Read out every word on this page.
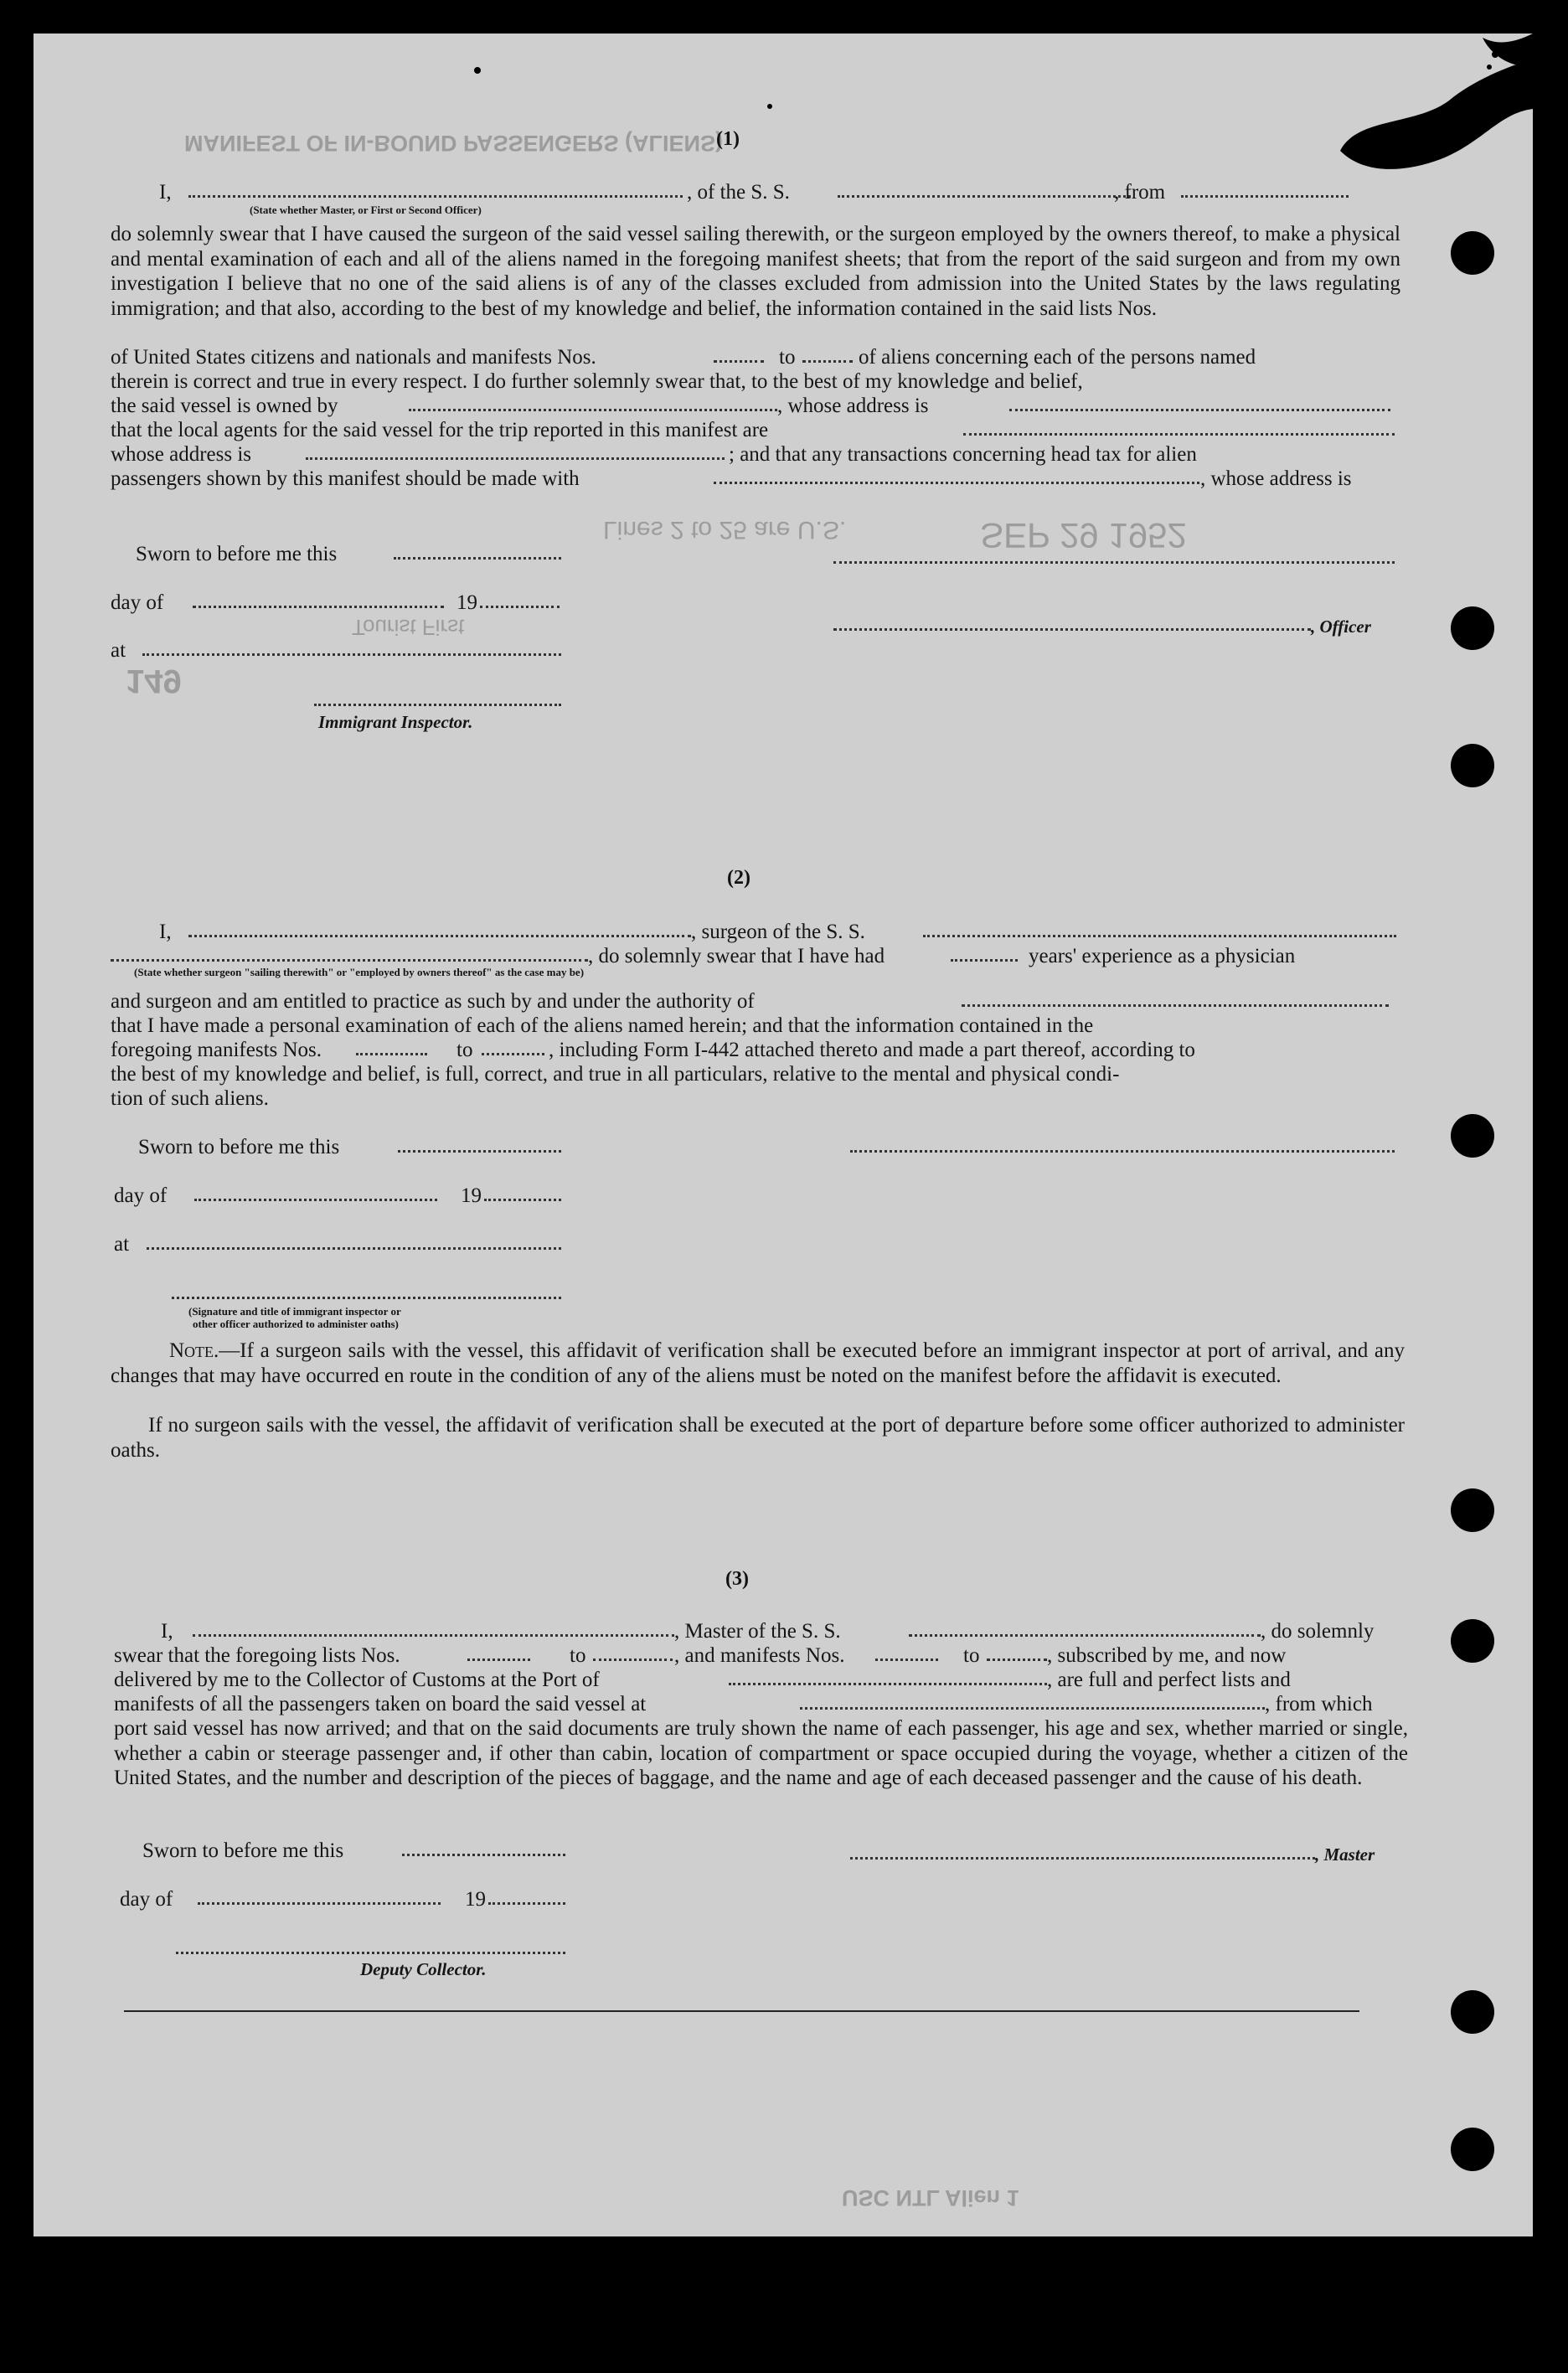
MANIFEST OF IN-BOUND PASSENGERS (ALIENS)
Lines 2 to 25 are U.S.	SEP 29 1952
149
Tourist First
USC NTL Alien 1
(1)
I,	, of the S. S.	, from
(State whether Master, or First or Second Officer)

do solemnly swear that I have caused the surgeon of the said vessel sailing therewith, or the surgeon employed by the owners thereof, to make a physical and mental examination of each and all of the aliens named in the foregoing manifest sheets; that from the report of the said surgeon and from my own investigation I believe that no one of the said aliens is of any of the classes excluded from admission into the United States by the laws regulating immigration; and that also, according to the best of my knowledge and belief, the information contained in the said lists Nos.

of United States citizens and nationals and manifests Nos.	to	of aliens concerning each of the persons named
therein is correct and true in every respect. I do further solemnly swear that, to the best of my knowledge and belief,
the said vessel is owned by	, whose address is
that the local agents for the said vessel for the trip reported in this manifest are
whose address is	; and that any transactions concerning head tax for alien
passengers shown by this manifest should be made with	, whose address is
Sworn to before me this
day of	19
, Officer
at
Immigrant Inspector.
(2)
I,	, surgeon of the S. S.
, do solemnly swear that I have had	years' experience as a physician
(State whether surgeon "sailing therewith" or "employed by owners thereof" as the case may be)
and surgeon and am entitled to practice as such by and under the authority of
that I have made a personal examination of each of the aliens named herein; and that the information contained in the
foregoing manifests Nos.	to	, including Form I-442 attached thereto and made a part thereof, according to
the best of my knowledge and belief, is full, correct, and true in all particulars, relative to the mental and physical condi-
tion of such aliens.
Sworn to before me this
day of	19
at
(Signature and title of immigrant inspector or
other officer authorized to administer oaths)

Note.—If a surgeon sails with the vessel, this affidavit of verification shall be executed before an immigrant inspector at port of arrival, and any changes that may have occurred en route in the condition of any of the aliens must be noted on the manifest before the affidavit is executed.

If no surgeon sails with the vessel, the affidavit of verification shall be executed at the port of departure before some officer authorized to administer oaths.

(3)
I,	, Master of the S. S.	, do solemnly
swear that the foregoing lists Nos.	to	, and manifests Nos.	to	, subscribed by me, and now
delivered by me to the Collector of Customs at the Port of	, are full and perfect lists and
manifests of all the passengers taken on board the said vessel at	, from which

port said vessel has now arrived; and that on the said documents are truly shown the name of each passenger, his age and sex, whether married or single, whether a cabin or steerage passenger and, if other than cabin, location of compartment or space occupied during the voyage, whether a citizen of the United States, and the number and description of the pieces of baggage, and the name and age of each deceased passenger and the cause of his death.

Sworn to before me this	, Master
day of	19
Deputy Collector.
